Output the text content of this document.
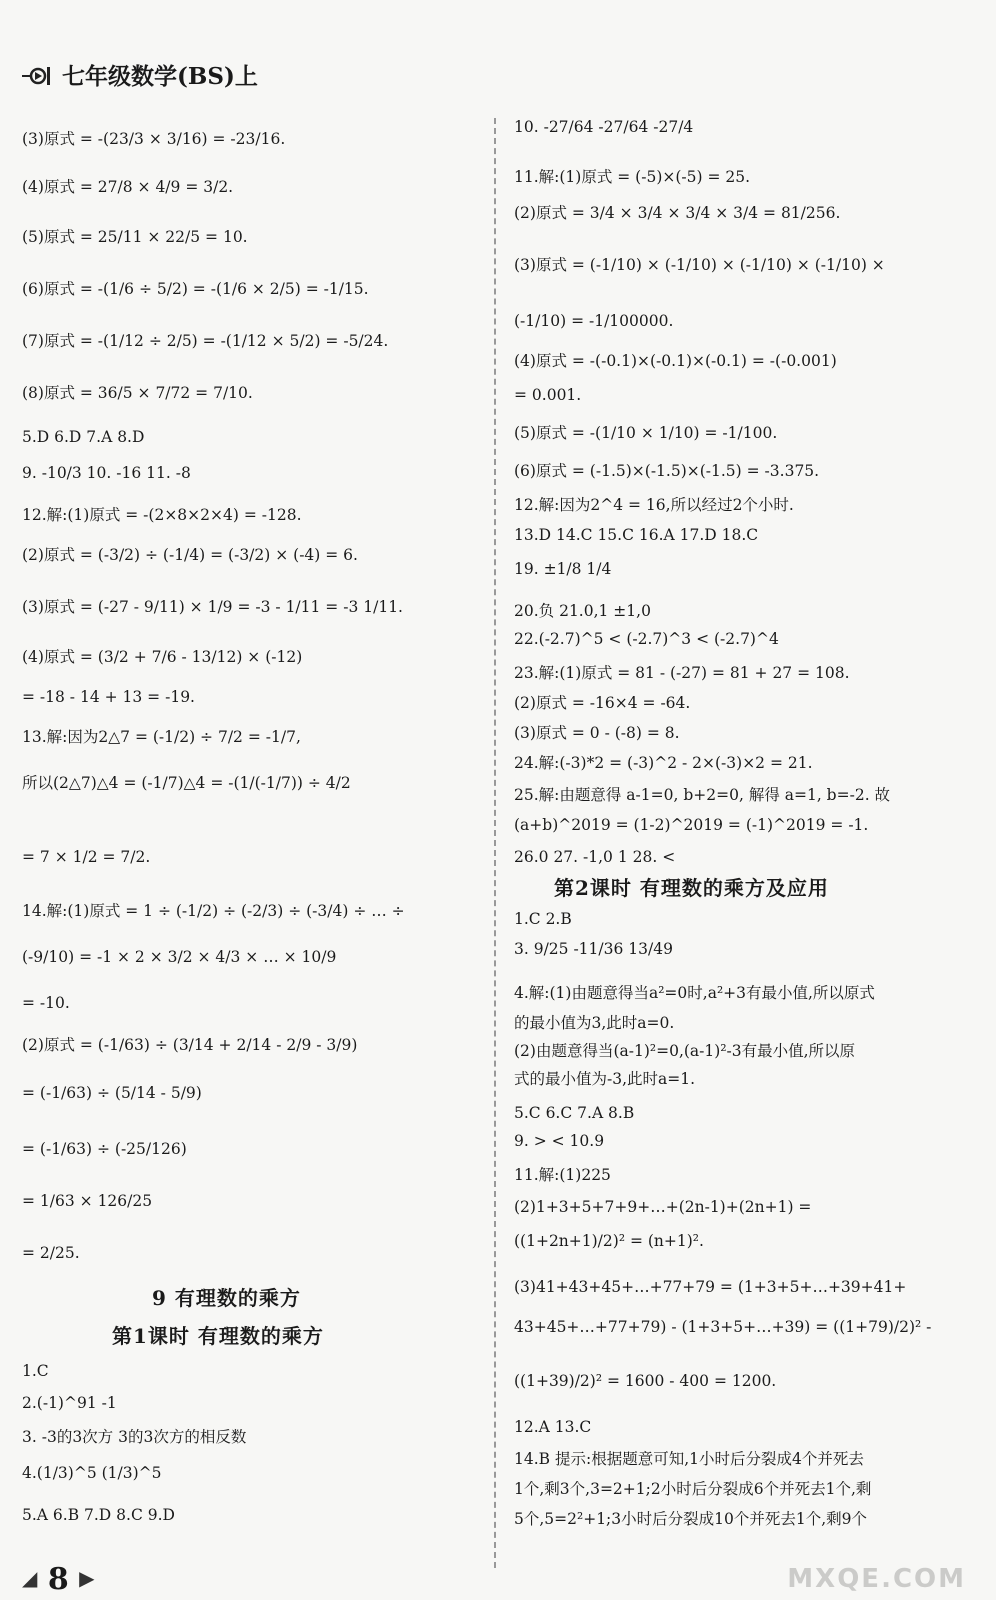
七年级数学(BS)上
(3)原式 = -(23/3 × 3/16) = -23/16.
(4)原式 = 27/8 × 4/9 = 3/2.
(5)原式 = 25/11 × 22/5 = 10.
(6)原式 = -(1/6 ÷ 5/2) = -(1/6 × 2/5) = -1/15.
(7)原式 = -(1/12 ÷ 2/5) = -(1/12 × 5/2) = -5/24.
(8)原式 = 36/5 × 7/72 = 7/10.
5.D 6.D 7.A 8.D
9. -10/3 10. -16 11. -8
12.解:(1)原式 = -(2×8×2×4) = -128.
(2)原式 = (-3/2) ÷ (-1/4) = (-3/2) × (-4) = 6.
(3)原式 = (-27 - 9/11) × 1/9 = -3 - 1/11 = -3 1/11.
(4)原式 = (3/2 + 7/6 - 13/12) × (-12)
= -18 - 14 + 13 = -19.
13.解:因为2△7 = (-1/2) ÷ 7/2 = -1/7,
所以(2△7)△4 = (-1/7)△4 = -(1/(-1/7)) ÷ 4/2
= 7 × 1/2 = 7/2.
14.解:(1)原式 = 1 ÷ (-1/2) ÷ (-2/3) ÷ (-3/4) ÷ … ÷
(-9/10) = -1 × 2 × 3/2 × 4/3 × … × 10/9
= -10.
(2)原式 = (-1/63) ÷ (3/14 + 2/14 - 2/9 - 3/9)
= (-1/63) ÷ (5/14 - 5/9)
= (-1/63) ÷ (-25/126)
= 1/63 × 126/25
= 2/25.
9 有理数的乘方
第1课时 有理数的乘方
1.C
2.(-1)^91 -1
3. -3的3次方 3的3次方的相反数
4.(1/3)^5 (1/3)^5
5.A 6.B 7.D 8.C 9.D
10. -27/64 -27/64 -27/4
11.解:(1)原式 = (-5)×(-5) = 25.
(2)原式 = 3/4 × 3/4 × 3/4 × 3/4 = 81/256.
(3)原式 = (-1/10) × (-1/10) × (-1/10) × (-1/10) ×
(-1/10) = -1/100000.
(4)原式 = -(-0.1)×(-0.1)×(-0.1) = -(-0.001)
= 0.001.
(5)原式 = -(1/10 × 1/10) = -1/100.
(6)原式 = (-1.5)×(-1.5)×(-1.5) = -3.375.
12.解:因为2^4 = 16,所以经过2个小时.
13.D 14.C 15.C 16.A 17.D 18.C
19. ±1/8 1/4
20.负 21.0,1 ±1,0
22.(-2.7)^5 < (-2.7)^3 < (-2.7)^4
23.解:(1)原式 = 81 - (-27) = 81 + 27 = 108.
(2)原式 = -16×4 = -64.
(3)原式 = 0 - (-8) = 8.
24.解:(-3)*2 = (-3)^2 - 2×(-3)×2 = 21.
25.解:由题意得 a-1=0, b+2=0, 解得 a=1, b=-2. 故
(a+b)^2019 = (1-2)^2019 = (-1)^2019 = -1.
26.0 27. -1,0 1 28. <
第2课时 有理数的乘方及应用
1.C 2.B
3. 9/25 -11/36 13/49
4.解:(1)由题意得当a²=0时,a²+3有最小值,所以原式
的最小值为3,此时a=0.
(2)由题意得当(a-1)²=0,(a-1)²-3有最小值,所以原
式的最小值为-3,此时a=1.
5.C 6.C 7.A 8.B
9. > < 10.9
11.解:(1)225
(2)1+3+5+7+9+…+(2n-1)+(2n+1) =
((1+2n+1)/2)² = (n+1)².
(3)41+43+45+…+77+79 = (1+3+5+…+39+41+
43+45+…+77+79) - (1+3+5+…+39) = ((1+79)/2)² -
((1+39)/2)² = 1600 - 400 = 1200.
12.A 13.C
14.B 提示:根据题意可知,1小时后分裂成4个并死去
1个,剩3个,3=2+1;2小时后分裂成6个并死去1个,剩
5个,5=2²+1;3小时后分裂成10个并死去1个,剩9个
◢ 8 ▶	MXQE.COM
